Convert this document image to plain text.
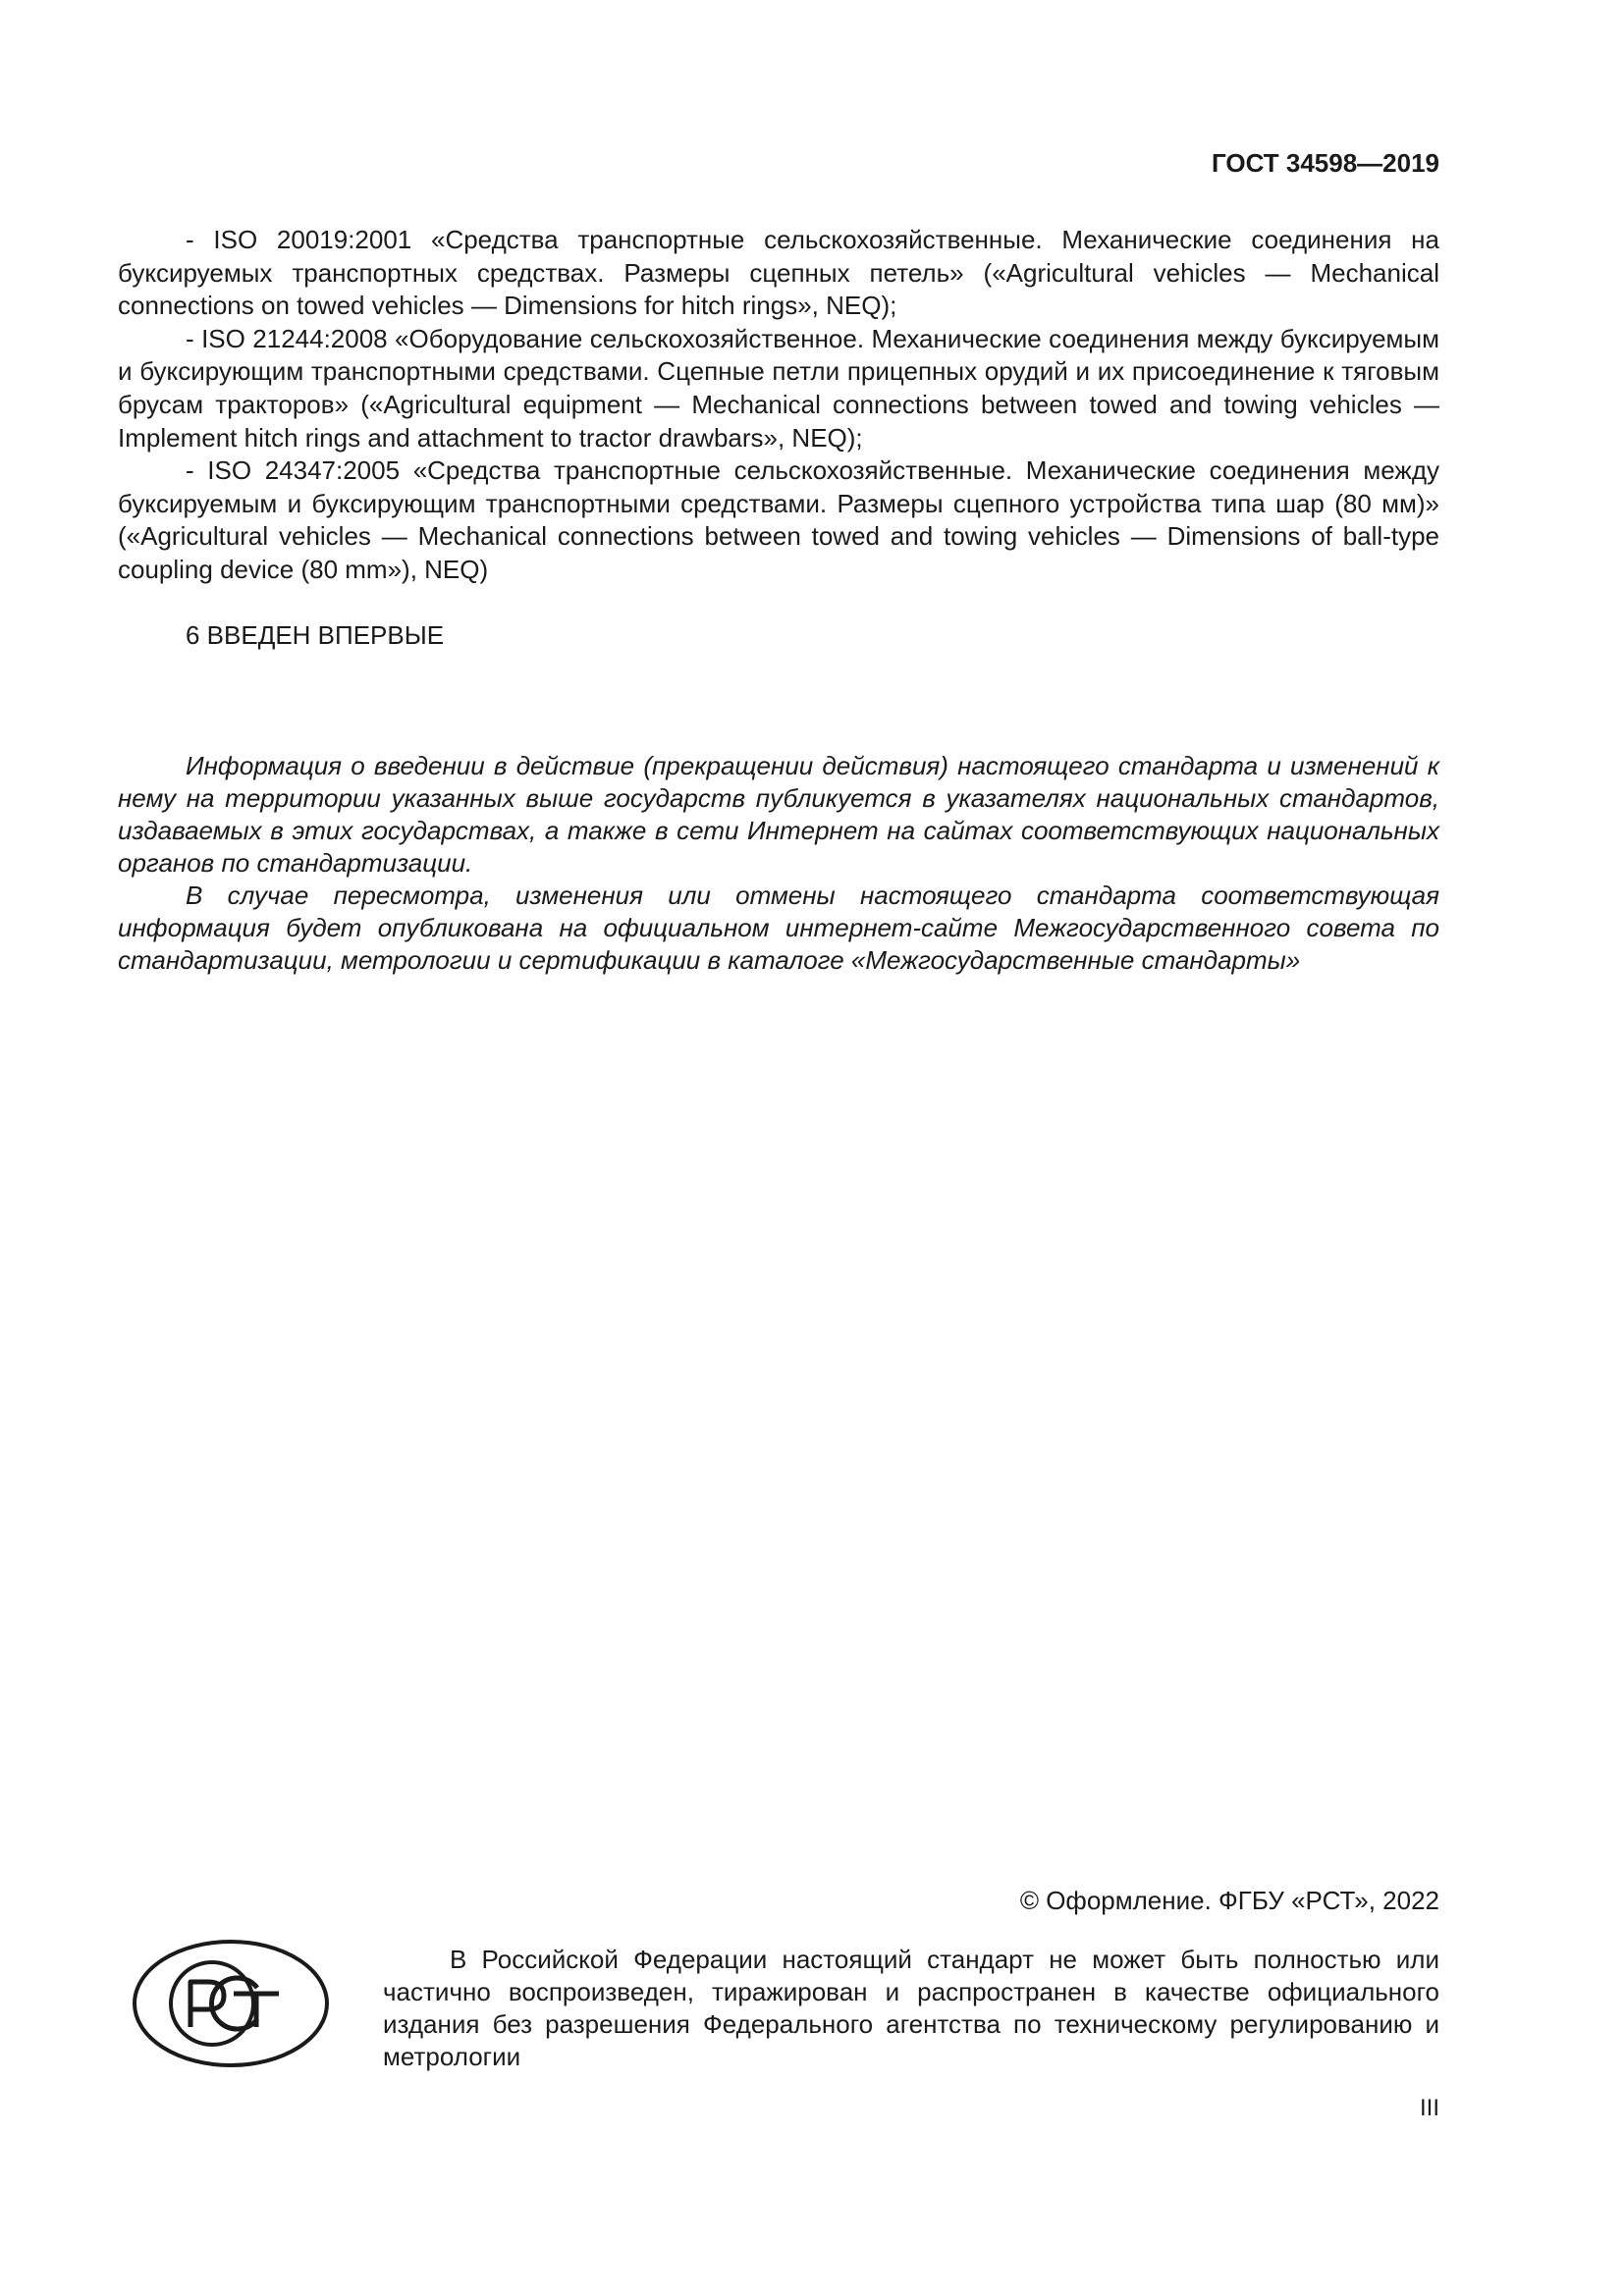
ГОСТ 34598—2019

- ISO 20019:2001 «Средства транспортные сельскохозяйственные. Механические соединения на буксируемых транспортных средствах. Размеры сцепных петель» («Agricultural vehicles — Mechanical connections on towed vehicles — Dimensions for hitch rings», NEQ);

- ISO 21244:2008 «Оборудование сельскохозяйственное. Механические соединения между буксируемым и буксирующим транспортными средствами. Сцепные петли прицепных орудий и их присоединение к тяговым брусам тракторов» («Agricultural equipment — Mechanical connections between towed and towing vehicles — Implement hitch rings and attachment to tractor drawbars», NEQ);

- ISO 24347:2005 «Средства транспортные сельскохозяйственные. Механические соединения между буксируемым и буксирующим транспортными средствами. Размеры сцепного устройства типа шар (80 мм)» («Agricultural vehicles — Mechanical connections between towed and towing vehicles — Dimensions of ball-type coupling device (80 mm»), NEQ)

6 ВВЕДЕН ВПЕРВЫЕ

Информация о введении в действие (прекращении действия) настоящего стандарта и изменений к нему на территории указанных выше государств публикуется в указателях национальных стандартов, издаваемых в этих государствах, а также в сети Интернет на сайтах соответствующих национальных органов по стандартизации.

В случае пересмотра, изменения или отмены настоящего стандарта соответствующая информация будет опубликована на официальном интернет-сайте Межгосударственного совета по стандартизации, метрологии и сертификации в каталоге «Межгосударственные стандарты»

© Оформление. ФГБУ «РСТ», 2022

В Российской Федерации настоящий стандарт не может быть полностью или частично воспроизведен, тиражирован и распространен в качестве официального издания без разрешения Федерального агентства по техническому регулированию и метрологии

III
